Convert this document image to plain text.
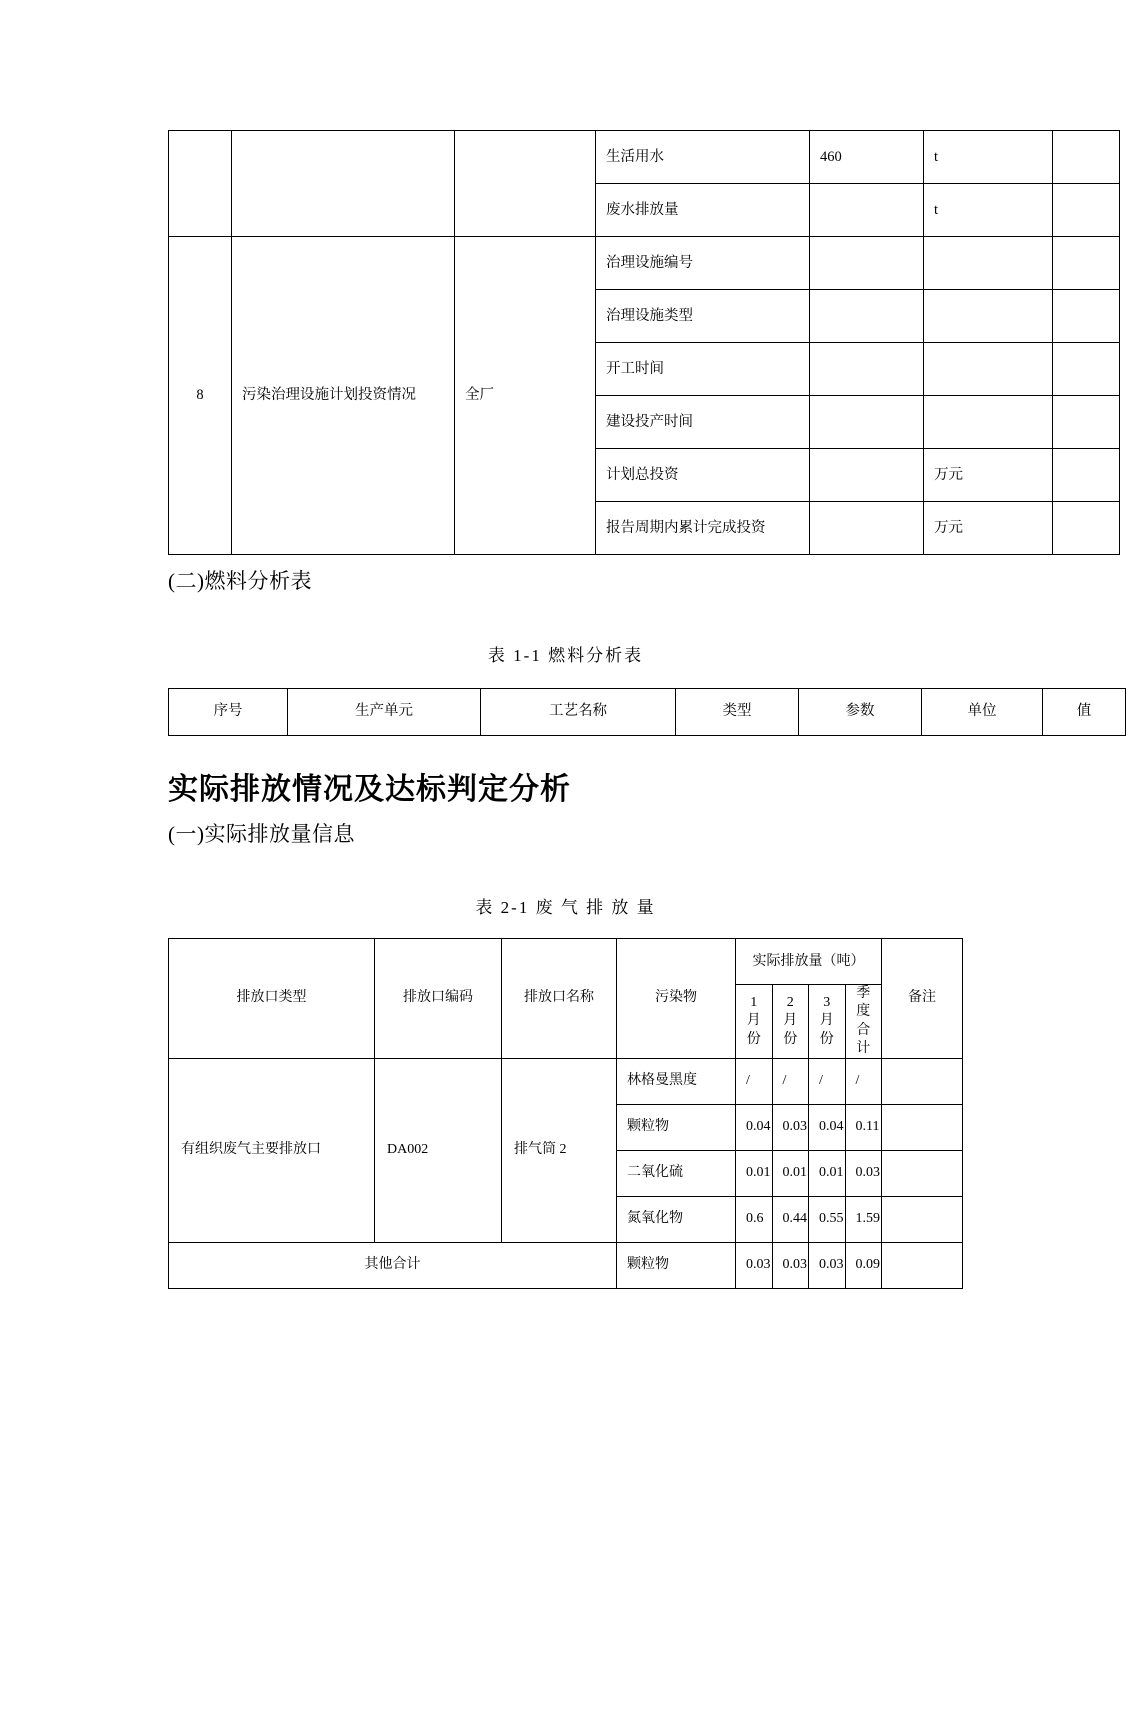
			生活用水	460	t	
			废水排放量		t	
8	污染治理设施计划投资情况	全厂	治理设施编号			
			治理设施类型			
			开工时间			
			建设投产时间			
			计划总投资		万元	
			报告周期内累计完成投资		万元	

(二)燃料分析表

表 1-1 燃料分析表

序号	生产单元	工艺名称	类型	参数	单位	值
实际排放情况及达标判定分析

(一)实际排放量信息

表 2-1 废 气 排 放 量

排放口类型	排放口编码	排放口名称	污染物	实际排放量（吨）				备注
				1 月份	2 月份	3 月份	季度合计	
有组织废气主要排放口	DA002	排气筒 2	林格曼黑度	/	/	/	/	
			颗粒物	0.04	0.03	0.04	0.11	
			二氧化硫	0.01	0.01	0.01	0.03	
			氮氧化物	0.6	0.44	0.55	1.59	
其他合计			颗粒物	0.03	0.03	0.03	0.09	
